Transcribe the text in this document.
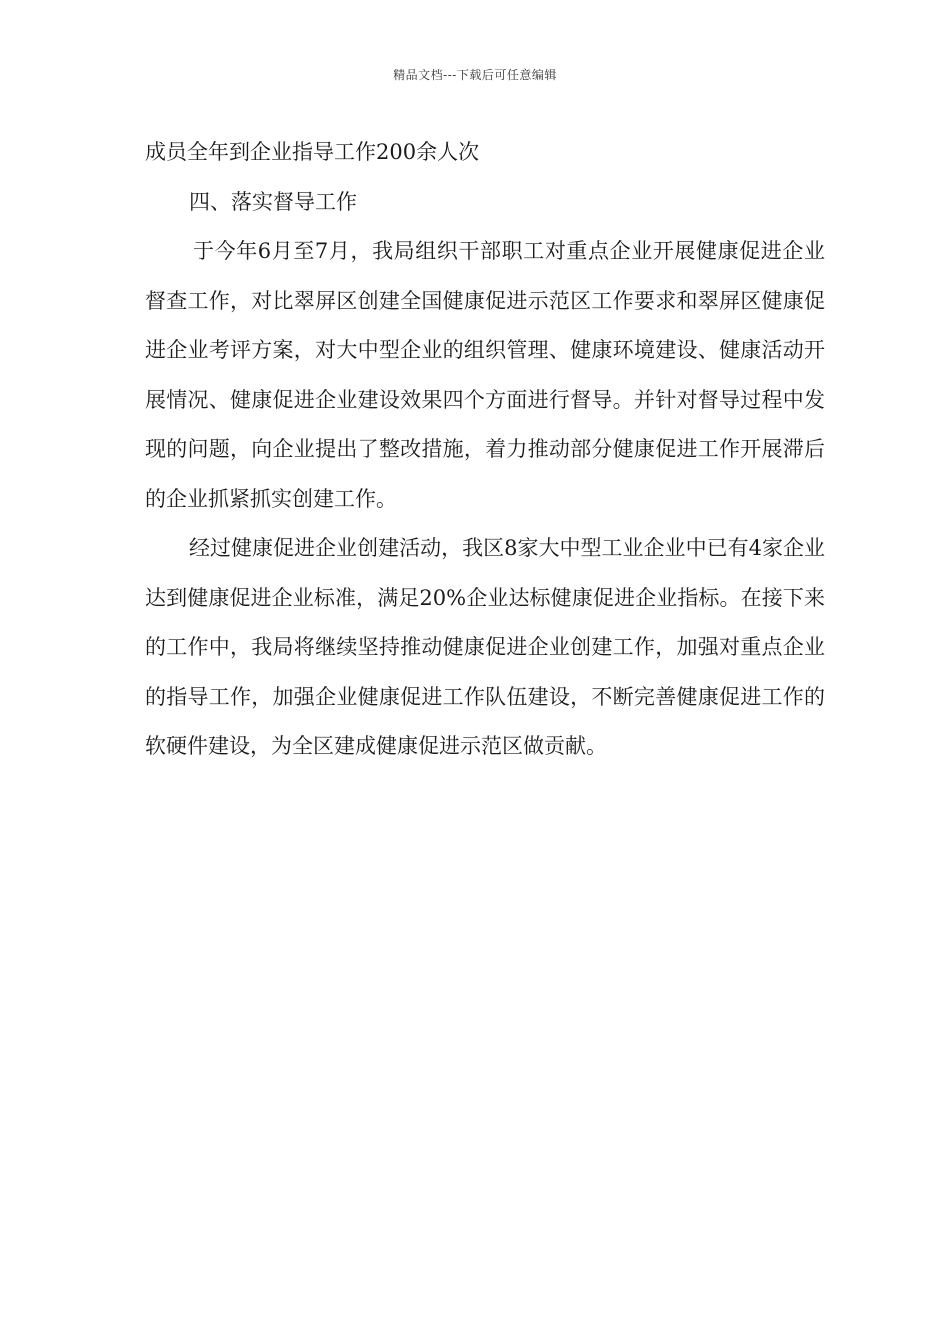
精品文档---下载后可任意编辑

成员全年到企业指导工作200余人次

四、落实督导工作

于今年6月至7月，我局组织干部职工对重点企业开展健康促进企业督查工作，对比翠屏区创建全国健康促进示范区工作要求和翠屏区健康促进企业考评方案，对大中型企业的组织管理、健康环境建设、健康活动开展情况、健康促进企业建设效果四个方面进行督导。并针对督导过程中发现的问题，向企业提出了整改措施，着力推动部分健康促进工作开展滞后的企业抓紧抓实创建工作。

经过健康促进企业创建活动，我区8家大中型工业企业中已有4家企业达到健康促进企业标准，满足20%企业达标健康促进企业指标。在接下来的工作中，我局将继续坚持推动健康促进企业创建工作，加强对重点企业的指导工作，加强企业健康促进工作队伍建设，不断完善健康促进工作的软硬件建设，为全区建成健康促进示范区做贡献。
